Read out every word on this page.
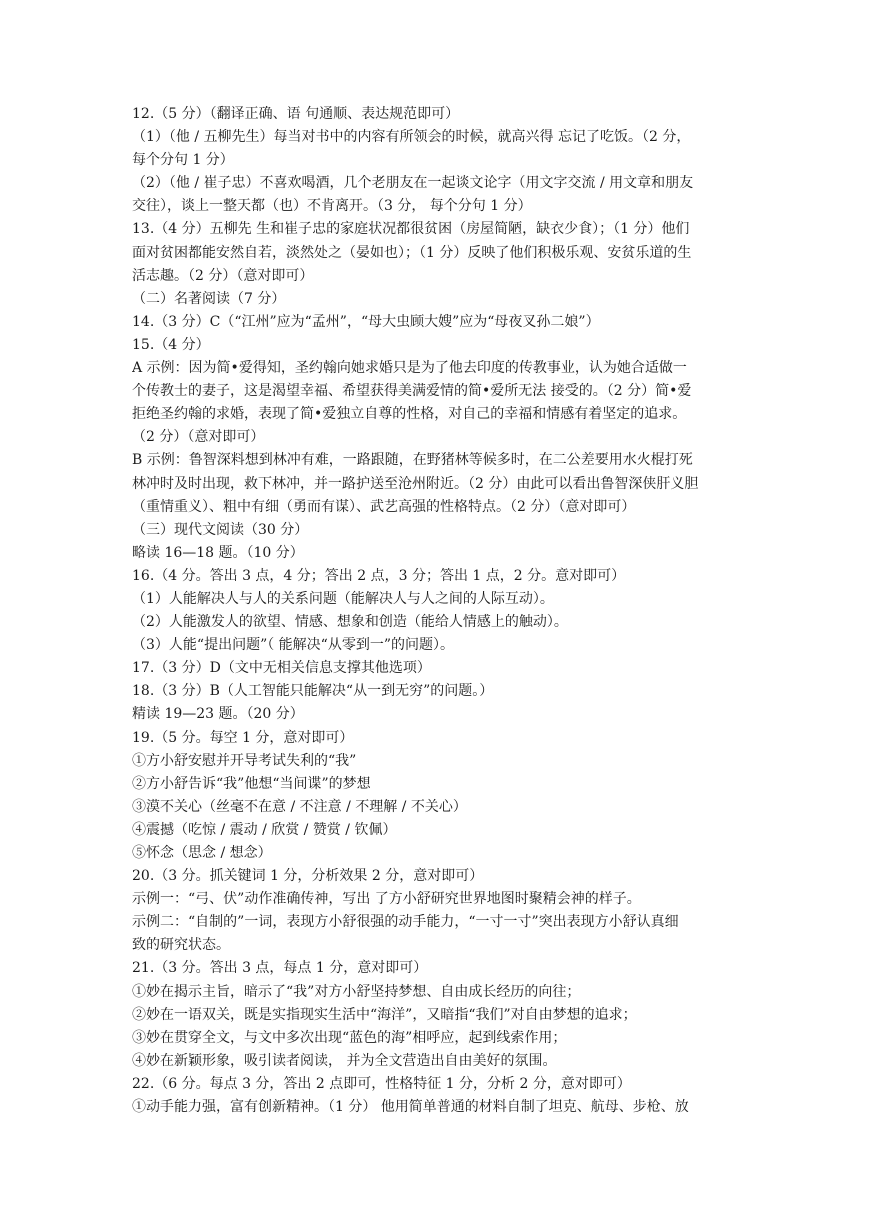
12.（5 分）（翻译正确、语 句通顺、表达规范即可）
（1）（他 / 五柳先生）每当对书中的内容有所领会的时候，就高兴得 忘记了吃饭。（2 分，
每个分句 1 分）
（2）（他 / 崔子忠）不喜欢喝酒，几个老朋友在一起谈文论字（用文字交流 / 用文章和朋友
交往），谈上一整天都（也）不肯离开。（3 分， 每个分句 1 分）
13.（4 分）五柳先 生和崔子忠的家庭状况都很贫困（房屋简陋，缺衣少食）；（1 分）他们
面对贫困都能安然自若，淡然处之（晏如也）；（1 分）反映了他们积极乐观、安贫乐道的生
活志趣。（2 分）（意对即可）
（二）名著阅读（7 分）
14.（3 分）C（“江州”应为“孟州”，“母大虫顾大嫂”应为“母夜叉孙二娘”）
15.（4 分）
A 示例：因为简•爱得知，圣约翰向她求婚只是为了他去印度的传教事业，认为她合适做一
个传教士的妻子，这是渴望幸福、希望获得美满爱情的简•爱所无法 接受的。（2 分）简•爱
拒绝圣约翰的求婚，表现了简•爱独立自尊的性格，对自己的幸福和情感有着坚定的追求。
（2 分）（意对即可）
B 示例：鲁智深料想到林冲有难，一路跟随，在野猪林等候多时，在二公差要用水火棍打死
林冲时及时出现，救下林冲，并一路护送至沧州附近。（2 分）由此可以看出鲁智深侠肝义胆
（重情重义）、粗中有细（勇而有谋）、武艺高强的性格特点。（2 分）（意对即可）
（三）现代文阅读（30 分）
略读 16—18 题。（10 分）
16.（4 分。答出 3 点，4 分；答出 2 点，3 分；答出 1 点，2 分。意对即可）
（1）人能解决人与人的关系问题（能解决人与人之间的人际互动）。
（2）人能激发人的欲望、情感、想象和创造（能给人情感上的触动）。
（3）人能“提出问题”（ 能解决“从零到一”的问题）。
17.（3 分）D（文中无相关信息支撑其他选项）
18.（3 分）B（人工智能只能解决“从一到无穷”的问题。）
精读 19—23 题。（20 分）
19.（5 分。每空 1 分，意对即可）
①方小舒安慰并开导考试失利的“我”
②方小舒告诉“我”他想“当间谍”的梦想
③漠不关心（丝毫不在意 / 不注意 / 不理解 / 不关心）
④震撼（吃惊 / 震动 / 欣赏 / 赞赏 / 钦佩）
⑤怀念（思念 / 想念）
20.（3 分。抓关键词 1 分，分析效果 2 分，意对即可）
示例一：“弓、伏”动作准确传神，写出 了方小舒研究世界地图时聚精会神的样子。
示例二：“自制的”一词，表现方小舒很强的动手能力，“一寸一寸”突出表现方小舒认真细
致的研究状态。
21.（3 分。答出 3 点，每点 1 分，意对即可）
①妙在揭示主旨，暗示了“我”对方小舒坚持梦想、自由成长经历的向往；
②妙在一语双关，既是实指现实生活中“海洋”，又暗指“我们”对自由梦想的追求；
③妙在贯穿全文，与文中多次出现“蓝色的海”相呼应，起到线索作用；
④妙在新颖形象，吸引读者阅读， 并为全文营造出自由美好的氛围。
22.（6 分。每点 3 分，答出 2 点即可，性格特征 1 分，分析 2 分，意对即可）
①动手能力强，富有创新精神。（1 分） 他用简单普通的材料自制了坦克、航母、步枪、放
